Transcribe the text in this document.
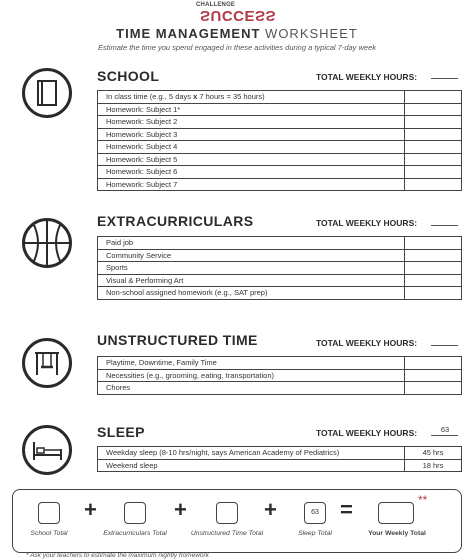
CHALLENGE
SUCCESS
TIME MANAGEMENT WORKSHEET
Estimate the time you spend engaged in these activities during a typical 7-day week
SCHOOL	TOTAL WEEKLY HOURS:
In class time (e.g., 5 days x 7 hours = 35 hours)	
Homework: Subject 1*	
Homework: Subject 2	
Homework: Subject 3	
Homework: Subject 4	
Homework: Subject 5	
Homework: Subject 6	
Homework: Subject 7	
EXTRACURRICULARS	TOTAL WEEKLY HOURS:
Paid job	
Community Service	
Sports	
Visual & Performing Art	
Non-school assigned homework (e.g., SAT prep)	
UNSTRUCTURED TIME	TOTAL WEEKLY HOURS:
Playtime, Downtime, Family Time	
Necessities (e.g., grooming, eating, transportation)	
Chores	
SLEEP	TOTAL WEEKLY HOURS:	63
Weekday sleep (8-10 hrs/night, says American Academy of Pediatrics)	45 hrs
Weekend sleep	18 hrs
School Total
+
Extracurriculars Total
+
Unstructured Time Total
+	63
Sleep Total
=	**
Your Weekly Total
* Ask your teachers to estimate the maximum nightly homework
